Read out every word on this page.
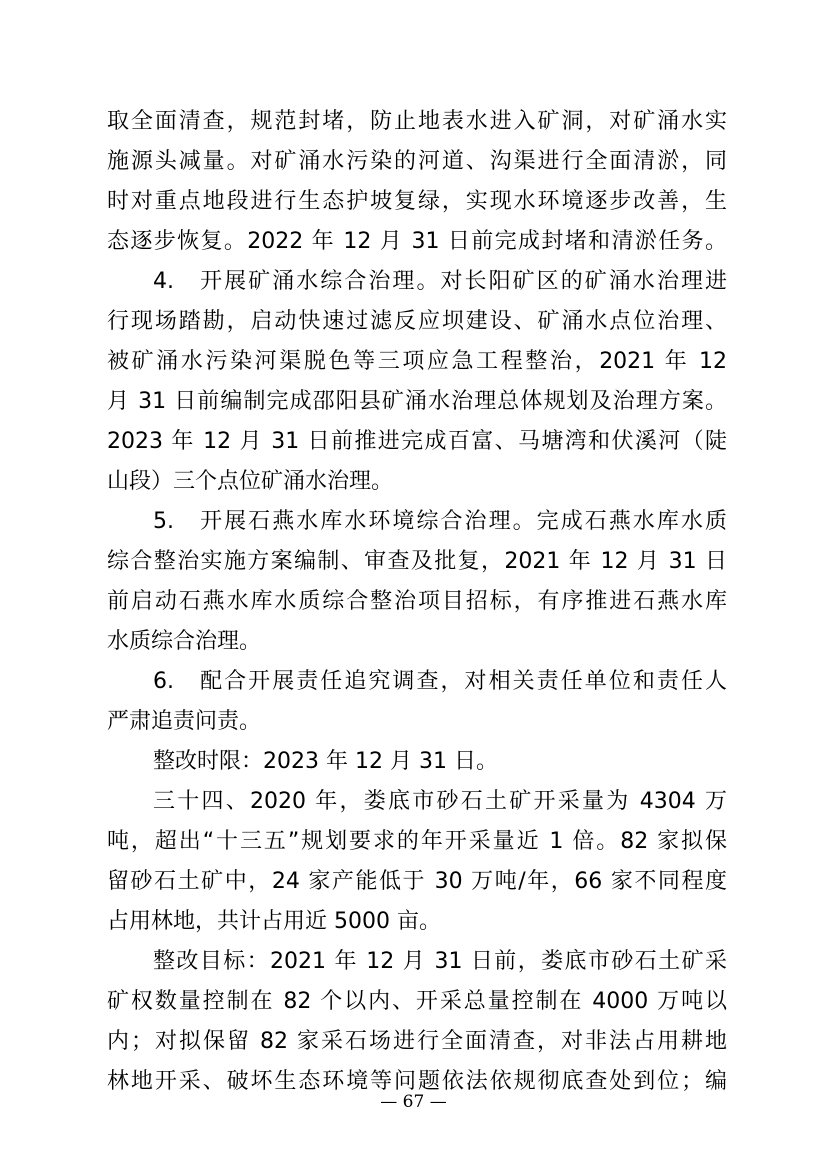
取全面清查，规范封堵，防止地表水进入矿洞，对矿涌水实
施源头减量。对矿涌水污染的河道、沟渠进行全面清淤，同
时对重点地段进行生态护坡复绿，实现水环境逐步改善，生
态逐步恢复。2022 年 12 月 31 日前完成封堵和清淤任务。
4.　开展矿涌水综合治理。对长阳矿区的矿涌水治理进
行现场踏勘，启动快速过滤反应坝建设、矿涌水点位治理、
被矿涌水污染河渠脱色等三项应急工程整治，2021 年 12
月 31 日前编制完成邵阳县矿涌水治理总体规划及治理方案。
2023 年 12 月 31 日前推进完成百富、马塘湾和伏溪河（陡
山段）三个点位矿涌水治理。
5.　开展石燕水库水环境综合治理。完成石燕水库水质
综合整治实施方案编制、审查及批复，2021 年 12 月 31 日
前启动石燕水库水质综合整治项目招标，有序推进石燕水库
水质综合治理。
6.　配合开展责任追究调查，对相关责任单位和责任人
严肃追责问责。
整改时限：2023 年 12 月 31 日。
三十四、2020 年，娄底市砂石土矿开采量为 4304 万
吨，超出“十三五”规划要求的年开采量近 1 倍。82 家拟保
留砂石土矿中，24 家产能低于 30 万吨/年，66 家不同程度
占用林地，共计占用近 5000 亩。
整改目标：2021 年 12 月 31 日前，娄底市砂石土矿采
矿权数量控制在 82 个以内、开采总量控制在 4000 万吨以
内；对拟保留 82 家采石场进行全面清查，对非法占用耕地
林地开采、破坏生态环境等问题依法依规彻底查处到位；编
— 67 —
